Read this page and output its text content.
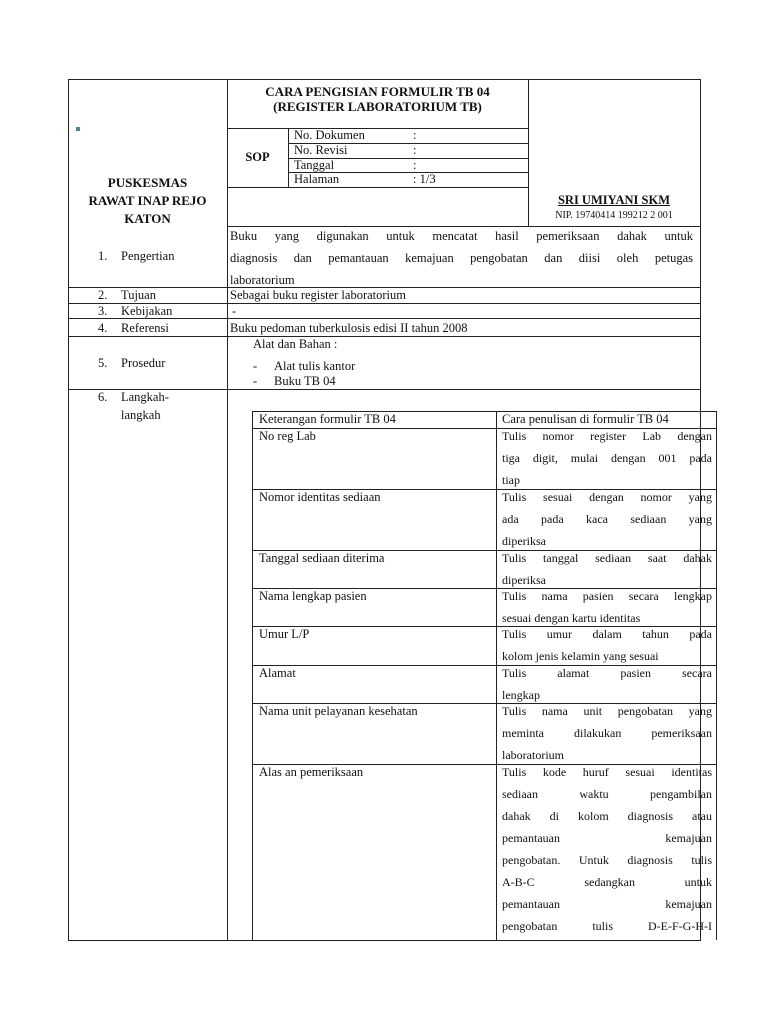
PUSKESMAS
RAWAT INAP REJO
KATON
CARA PENGISIAN FORMULIR TB 04
(REGISTER LABORATORIUM TB)
SOP
No. Dokumen	:
No. Revisi	:
Tanggal	:
Halaman	: 1/3
SRI UMIYANI SKM
NIP. 19740414 199212 2 001
1. Pengertian
Buku yang digunakan untuk mencatat hasil pemeriksaan dahak untuk
diagnosis dan pemantauan kemajuan pengobatan dan diisi oleh petugas
laboratorium
2. Tujuan	Sebagai buku register laboratorium
3. Kebijakan	-
4. Referensi	Buku pedoman tuberkulosis edisi II tahun 2008
5. Prosedur
Alat dan Bahan :
- Alat tulis kantor
- Buku TB 04
6. Langkah-
langkah	Keterangan formulir TB 04	Cara penulisan di formulir TB 04
No reg Lab	Tulis nomor register Lab dengan
tiga digit, mulai dengan 001 pada
tiap
Nomor identitas sediaan	Tulis sesuai dengan nomor yang
ada pada kaca sediaan yang
diperiksa
Tanggal sediaan diterima	Tulis tanggal sediaan saat dahak
diperiksa
Nama lengkap pasien	Tulis nama pasien secara lengkap
sesuai dengan kartu identitas
Umur L/P	Tulis umur dalam tahun pada
kolom jenis kelamin yang sesuai
Alamat	Tulis alamat pasien secara
lengkap
Nama unit pelayanan kesehatan	Tulis nama unit pengobatan yang
meminta dilakukan pemeriksaan
laboratorium
Alas an pemeriksaan	Tulis kode huruf sesuai identitas
sediaan waktu pengambilan
dahak di kolom diagnosis atau
pemantauan kemajuan
pengobatan. Untuk diagnosis tulis
A-B-C sedangkan untuk
pemantauan kemajuan
pengobatan tulis D-E-F-G-H-I
